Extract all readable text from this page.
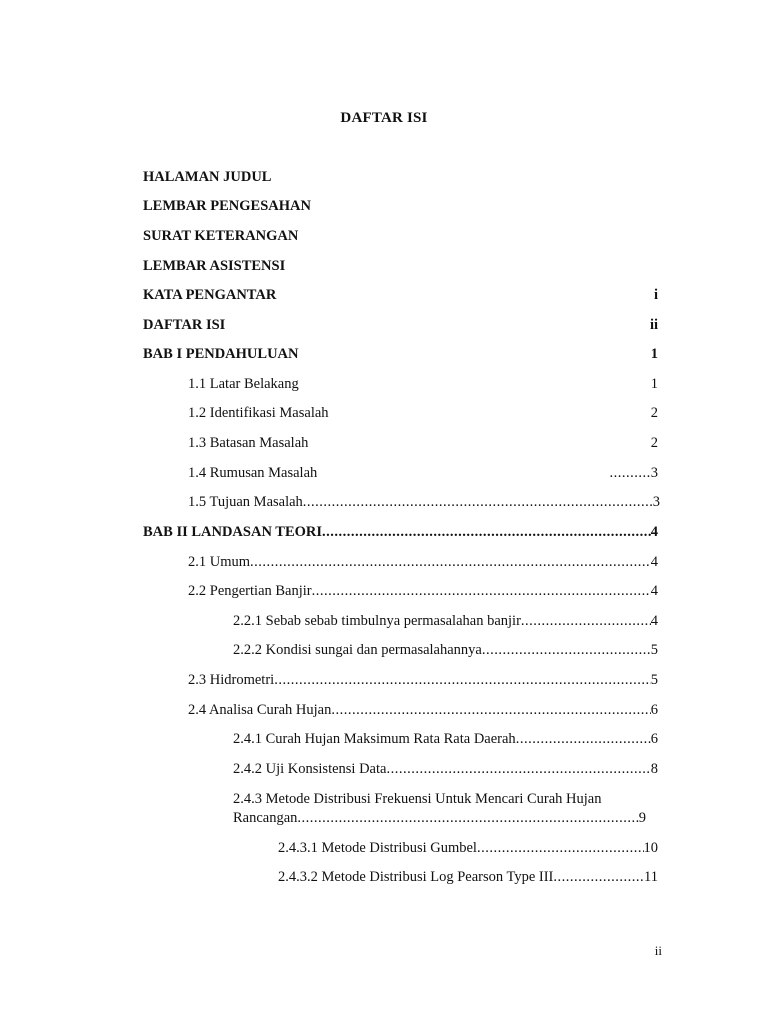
DAFTAR ISI
HALAMAN JUDUL
LEMBAR PENGESAHAN
SURAT KETERANGAN
LEMBAR ASISTENSI
KATA PENGANTAR	i
DAFTAR ISI	ii
BAB I PENDAHULUAN	1
1.1 Latar Belakang	1
1.2 Identifikasi Masalah	2
1.3 Batasan Masalah	2
1.4 Rumusan Masalah .....	3
1.5 Tujuan Masalah .....	3
BAB II LANDASAN TEORI .....	4
2.1 Umum .....	4
2.2 Pengertian Banjir .....	4
2.2.1 Sebab sebab timbulnya permasalahan banjir .....	4
2.2.2 Kondisi sungai dan permasalahannya .....	5
2.3 Hidrometri .....	5
2.4 Analisa Curah Hujan .....	6
2.4.1 Curah Hujan Maksimum Rata Rata Daerah .....	6
2.4.2 Uji Konsistensi Data .....	8
2.4.3 Metode Distribusi Frekuensi Untuk Mencari Curah Hujan
Rancangan .....	9
2.4.3.1 Metode Distribusi Gumbel .....	10
2.4.3.2 Metode Distribusi Log Pearson Type III .....	11
ii
